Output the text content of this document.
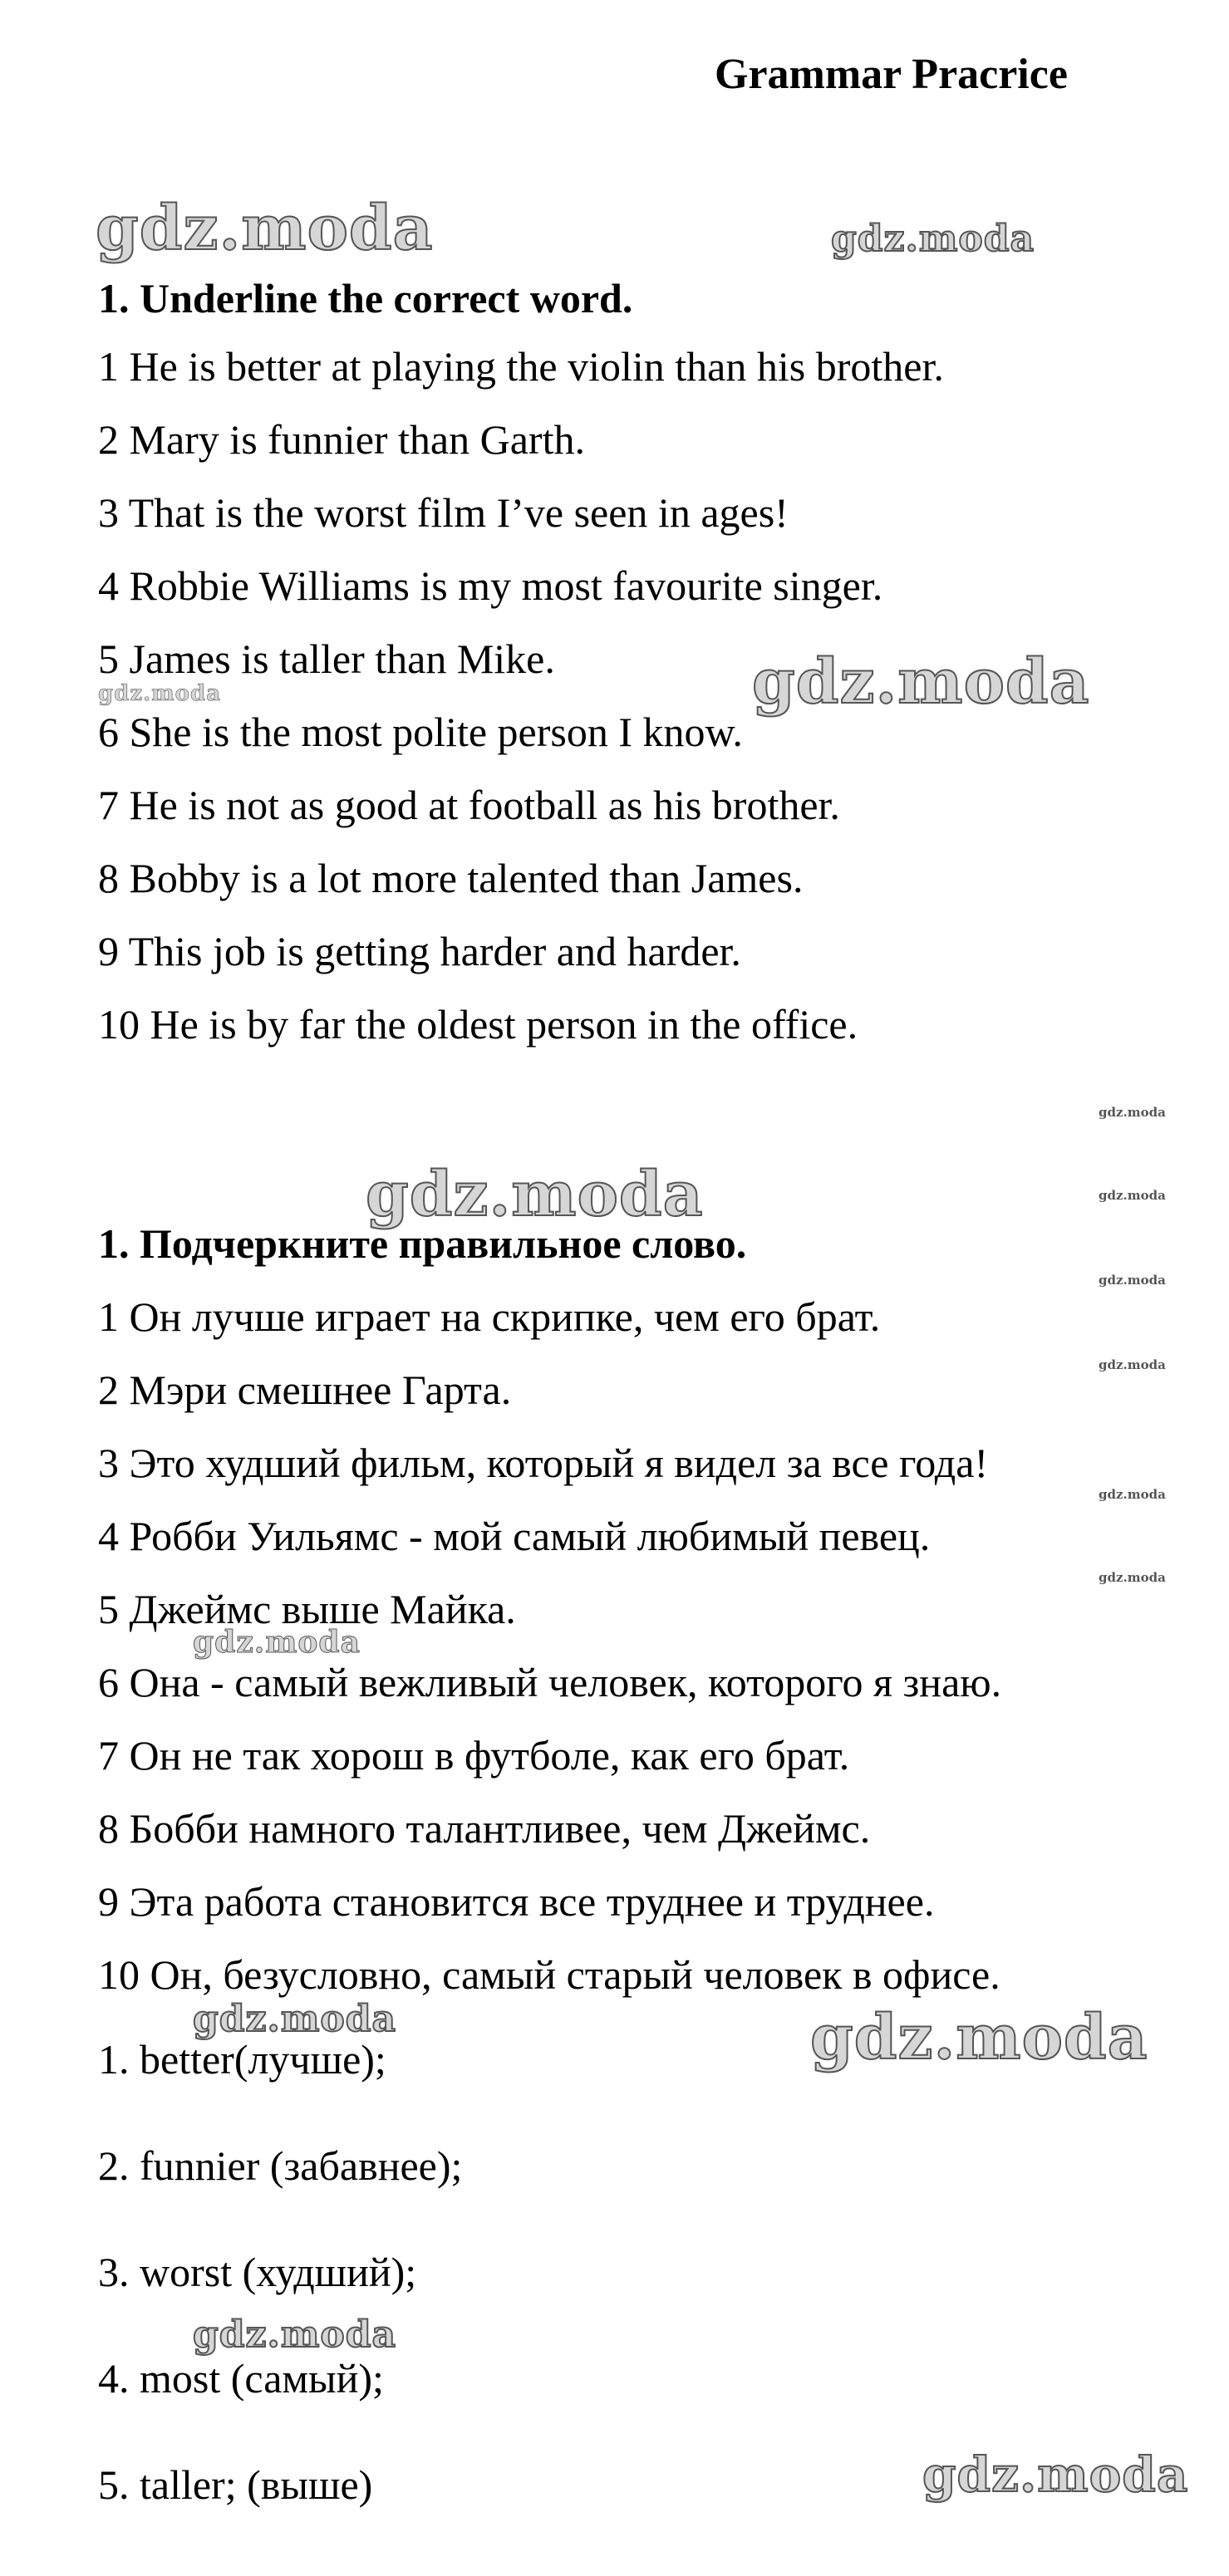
Grammar Pracrice
gdz.moda	gdz.moda
gdz.moda
gdz.moda
gdz.moda
gdz.moda	gdz.moda
gdz.moda
gdz.moda
gdz.moda
gdz.moda
gdz.moda
gdz.moda
gdz.moda
gdz.moda
gdz.moda
1. Underline the correct word.
1 He is better at playing the violin than his brother.
2 Mary is funnier than Garth.
3 That is the worst film I’ve seen in ages!
4 Robbie Williams is my most favourite singer.
5 James is taller than Mike.
6 She is the most polite person I know.
7 He is not as good at football as his brother.
8 Bobby is a lot more talented than James.
9 This job is getting harder and harder.
10 He is by far the oldest person in the office.
1. Подчеркните правильное слово.
1 Он лучше играет на скрипке, чем его брат.
2 Мэри смешнее Гарта.
3 Это худший фильм, который я видел за все года!
4 Робби Уильямс - мой самый любимый певец.
5 Джеймс выше Майка.
6 Она - самый вежливый человек, которого я знаю.
7 Он не так хорош в футболе, как его брат.
8 Бобби намного талантливее, чем Джеймс.
9 Эта работа становится все труднее и труднее.
10 Он, безусловно, самый старый человек в офисе.
1. better(лучше);
2. funnier (забавнее);
3. worst (худший);
4. most (самый);
5. taller; (выше)
